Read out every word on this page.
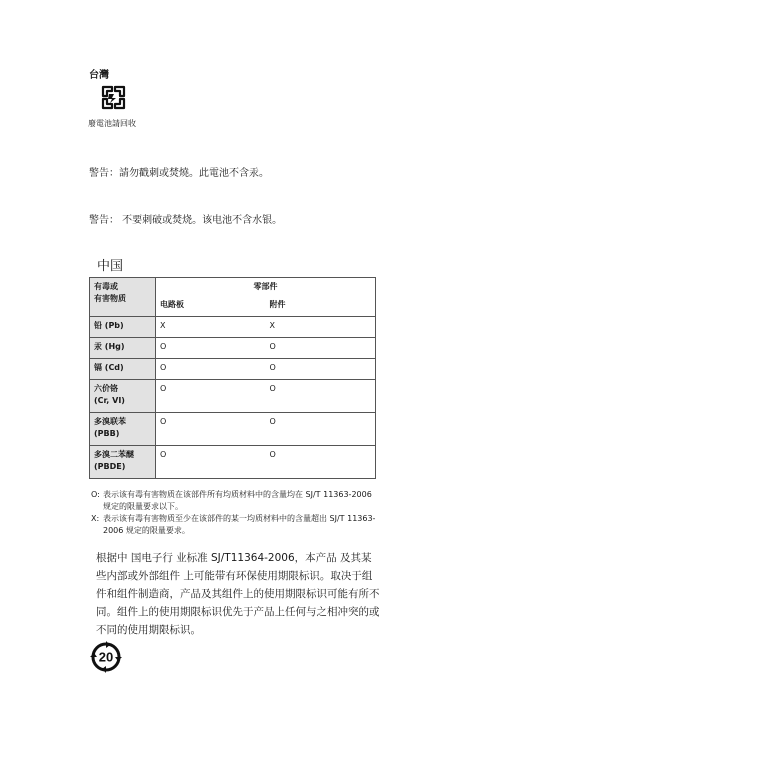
台灣
廢電池請回收
警告：請勿戳刺或焚燒。此電池不含汞。
警告： 不要刺破或焚烧。该电池不含水银。
中国
有毒或
有害物质	零部件	
	电路板	附件
铅 (Pb)	X	X
汞 (Hg)	O	O
镉 (Cd)	O	O
六价铬
(Cr, VI)	O	O
多溴联苯
(PBB)	O	O
多溴二苯醚
(PBDE)	O	O
O: 表示该有毒有害物质在该部件所有均质材料中的含量均在 SJ/T 11363-2006 规定的限量要求以下。
X: 表示该有毒有害物质至少在该部件的某一均质材料中的含量超出 SJ/T 11363-2006 规定的限量要求。
根据中 国电子行 业标准 SJ/T11364-2006，本产品 及其某些内部或外部组件 上可能带有环保使用期限标识。取决于组件和组件制造商，产品及其组件上的使用期限标识可能有所不同。组件上的使用期限标识优先于产品上任何与之相冲突的或不同的使用期限标识。
20
